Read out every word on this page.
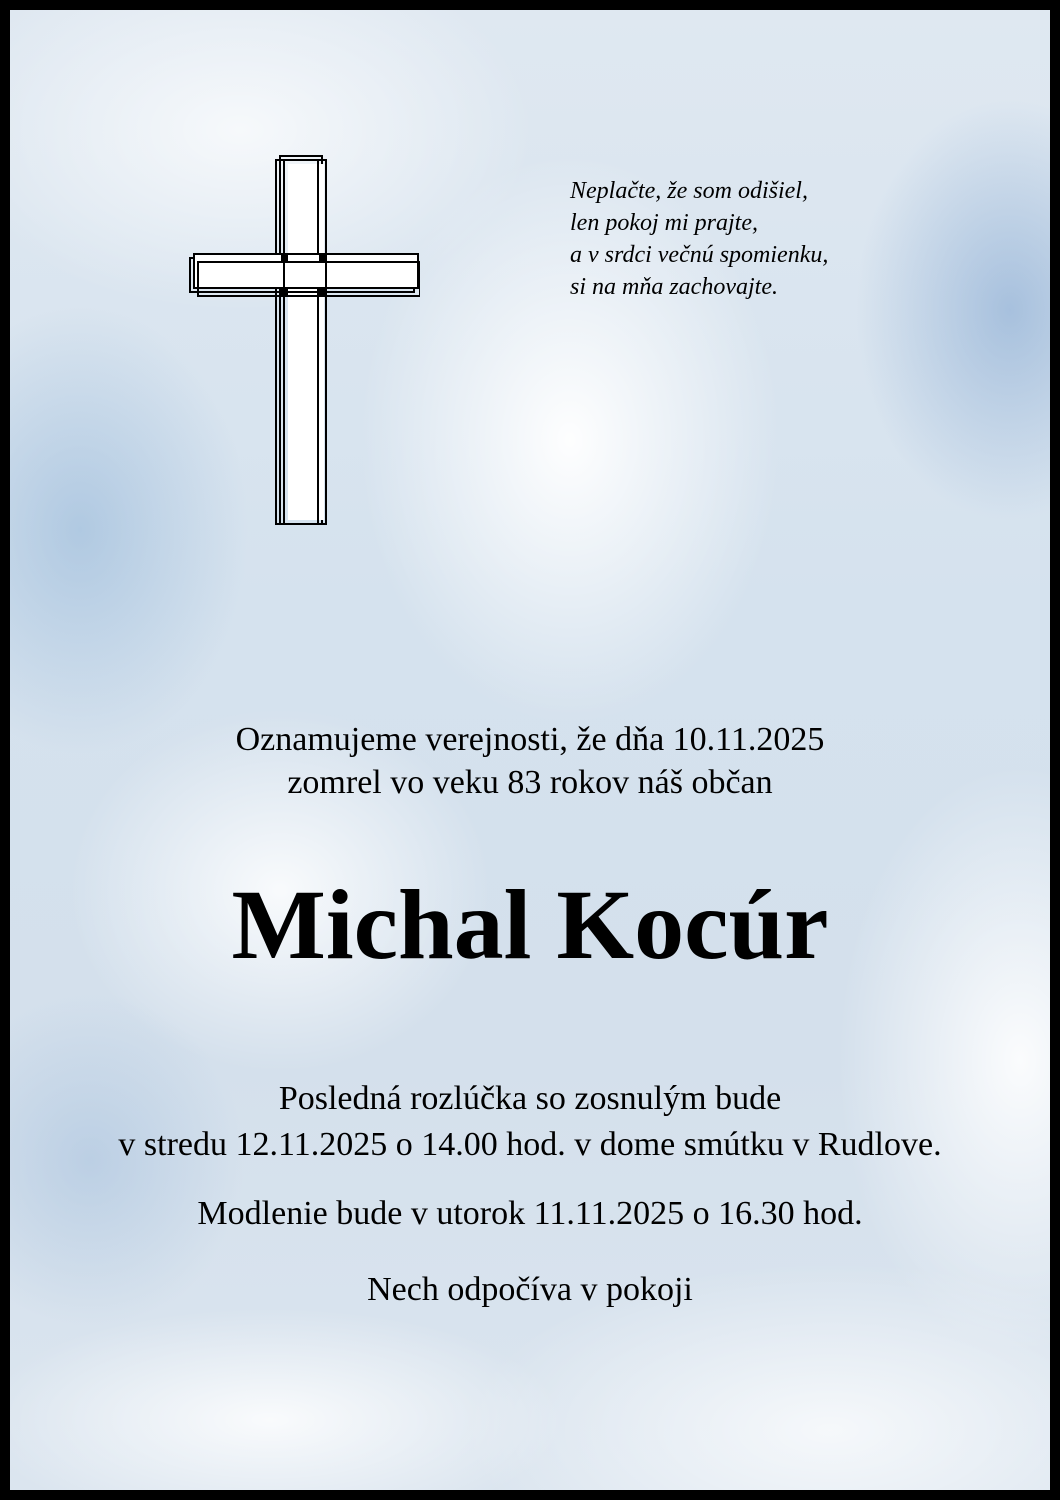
Neplačte, že som odišiel,
len pokoj mi prajte,
a v srdci večnú spomienku,
si na mňa zachovajte.
Oznamujeme verejnosti, že dňa 10.11.2025
zomrel vo veku 83 rokov náš občan
Michal Kocúr
Posledná rozlúčka so zosnulým bude
v stredu 12.11.2025 o 14.00 hod. v dome smútku v Rudlove.
Modlenie bude v utorok 11.11.2025 o 16.30 hod.
Nech odpočíva v pokoji
